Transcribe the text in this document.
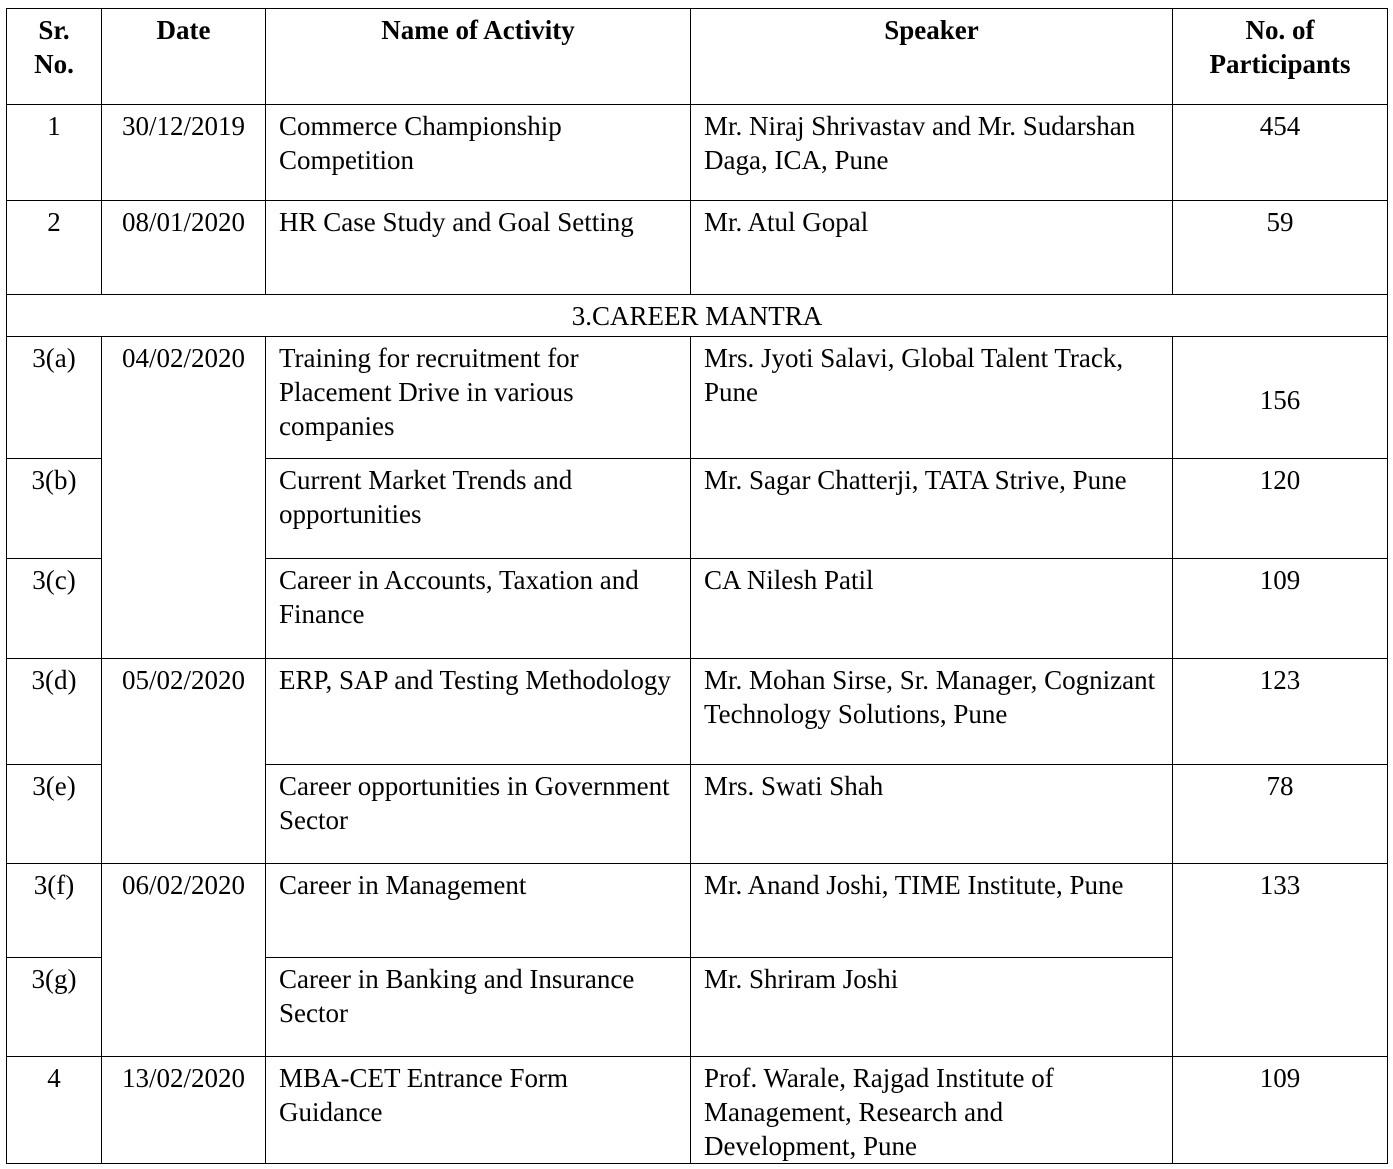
Sr. No.	Date	Name of Activity	Speaker	No. of Participants
1	30/12/2019	Commerce Championship Competition	Mr. Niraj Shrivastav and Mr. Sudarshan Daga, ICA, Pune	454
2	08/01/2020	HR Case Study and Goal Setting	Mr. Atul Gopal	59
3.CAREER MANTRA				
3(a)	04/02/2020	Training for recruitment for Placement Drive in various companies	Mrs. Jyoti Salavi, Global Talent Track, Pune	156
3(b)		Current Market Trends and opportunities	Mr. Sagar Chatterji, TATA Strive, Pune	120
3(c)		Career in Accounts, Taxation and Finance	CA Nilesh Patil	109
3(d)	05/02/2020	ERP, SAP and Testing Methodology	Mr. Mohan Sirse, Sr. Manager, Cognizant Technology Solutions, Pune	123
3(e)		Career opportunities in Government Sector	Mrs. Swati Shah	78
3(f)	06/02/2020	Career in Management	Mr. Anand Joshi, TIME Institute, Pune	133
3(g)		Career in Banking and Insurance Sector	Mr. Shriram Joshi	
4	13/02/2020	MBA-CET Entrance Form Guidance	Prof. Warale, Rajgad Institute of Management, Research and Development, Pune	109
